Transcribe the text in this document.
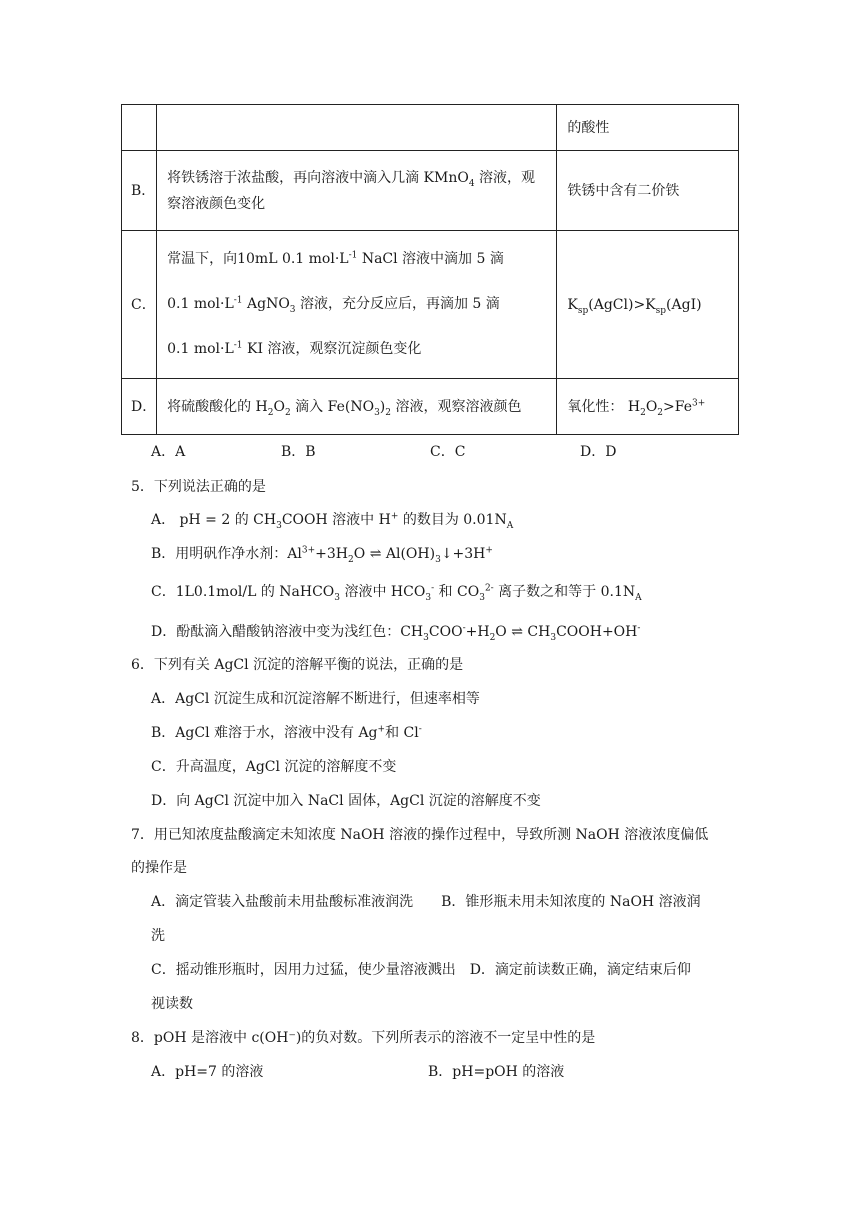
		的酸性
B．	将铁锈溶于浓盐酸，再向溶液中滴入几滴 KMnO$_4$ 溶液，观
察溶液颜色变化	铁锈中含有二价铁
C．	常温下，向10mL 0.1 $mol\cdot L^{-1}$ NaCl 溶液中滴加 5 滴
0.1 $mol\cdot L^{-1}$ AgNO$_3$ 溶液，充分反应后，再滴加 5 滴
0.1 $mol\cdot L^{-1}$ KI 溶液，观察沉淀颜色变化	$K_{sp}(AgCl)>K_{sp}(AgI)$
D．	将硫酸酸化的 $H_2O_2$ 滴入 $Fe(NO_3)_2$ 溶液，观察溶液颜色	氧化性： $H_2O_2>Fe^{3+}$
A．A	B．B	C．C	D．D
5．下列说法正确的是
A． pH = 2 的 $CH_3COOH$ 溶液中 H+ 的数目为 $0.01N_A$
B．用明矾作净水剂：$Al^{3+}+3H_2O$ ⇌ $Al(OH)_3↓+3H^+$
C．1L0.1mol/L 的 NaHCO$_3$ 溶液中 $HCO_3^-$ 和 $CO_3^{2-}$ 离子数之和等于 $0.1N_A$
D．酚酞滴入醋酸钠溶液中变为浅红色：$CH_3COO^-+H_2O$ ⇌ $CH_3COOH+OH^-$
6．下列有关 AgCl 沉淀的溶解平衡的说法，正确的是
A．AgCl 沉淀生成和沉淀溶解不断进行，但速率相等
B．AgCl 难溶于水，溶液中没有 Ag+和 Cl-
C．升高温度，AgCl 沉淀的溶解度不变
D．向 AgCl 沉淀中加入 NaCl 固体，AgCl 沉淀的溶解度不变
7．用已知浓度盐酸滴定未知浓度 NaOH 溶液的操作过程中，导致所测 NaOH 溶液浓度偏低
的操作是
A．滴定管装入盐酸前未用盐酸标准液润洗　　B．锥形瓶未用未知浓度的 NaOH 溶液润
洗
C．摇动锥形瓶时，因用力过猛，使少量溶液溅出　D．滴定前读数正确，滴定结束后仰
视读数
8．pOH 是溶液中 c(OH⁻)的负对数。下列所表示的溶液不一定呈中性的是
A．pH=7 的溶液	B．pH=pOH 的溶液
